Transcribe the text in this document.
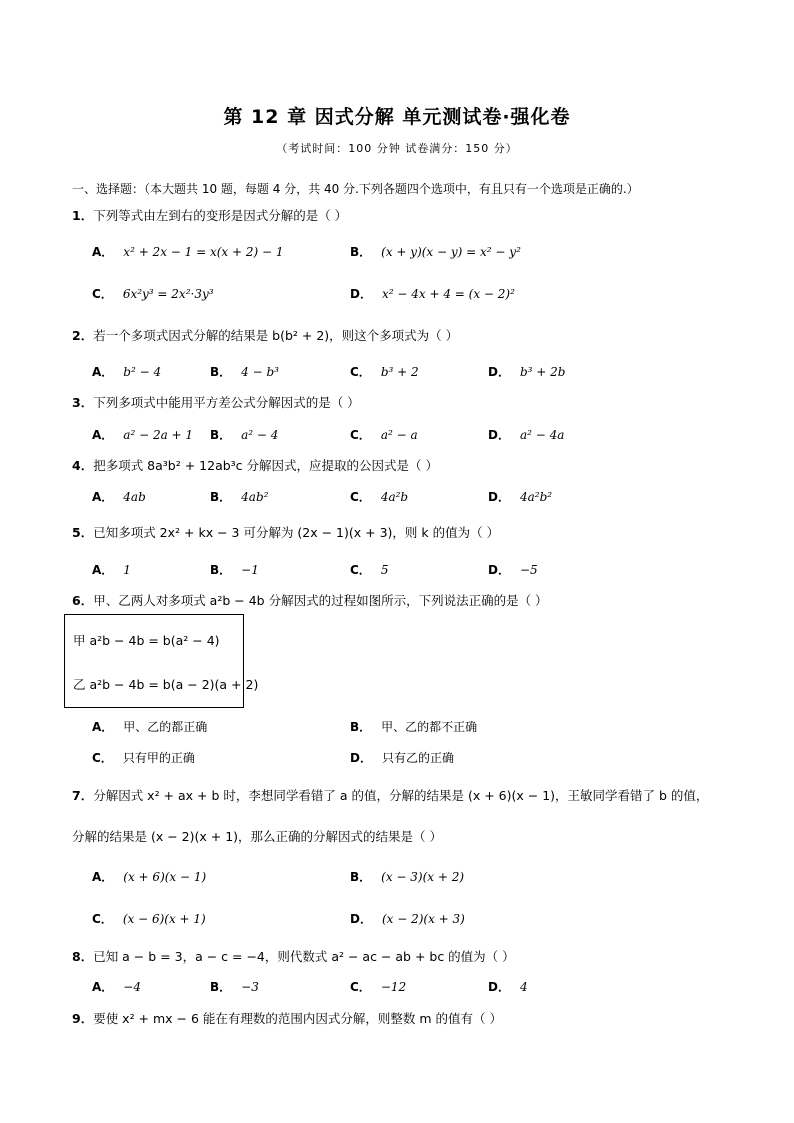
第 12 章 因式分解 单元测试卷·强化卷
（考试时间：100 分钟 试卷满分：150 分）
一、选择题：（本大题共 10 题，每题 4 分，共 40 分.下列各题四个选项中，有且只有一个选项是正确的.）
1．下列等式由左到右的变形是因式分解的是（ ）
A． x² + 2x − 1 = x(x + 2) − 1	B． (x + y)(x − y) = x² − y²
C． 6x²y³ = 2x²·3y³	D． x² − 4x + 4 = (x − 2)²
2．若一个多项式因式分解的结果是 b(b² + 2)，则这个多项式为（ ）
A． b² − 4	B． 4 − b³	C． b³ + 2	D． b³ + 2b
3．下列多项式中能用平方差公式分解因式的是（ ）
A． a² − 2a + 1 B． a² − 4	C． a² − a	D． a² − 4a
4．把多项式 8a³b² + 12ab³c 分解因式，应提取的公因式是（ ）
A． 4ab	B． 4ab²	C． 4a²b	D． 4a²b²
5．已知多项式 2x² + kx − 3 可分解为 (2x − 1)(x + 3)，则 k 的值为（ ）
A． 1	B． −1	C． 5	D． −5
6．甲、乙两人对多项式 a²b − 4b 分解因式的过程如图所示，下列说法正确的是（ ）
甲 a²b − 4b = b(a² − 4)
乙 a²b − 4b = b(a − 2)(a + 2)
A． 甲、乙的都正确	B． 甲、乙的都不正确
C． 只有甲的正确	D． 只有乙的正确
7．分解因式 x² + ax + b 时，李想同学看错了 a 的值，分解的结果是 (x + 6)(x − 1)，王敏同学看错了 b 的值，
分解的结果是 (x − 2)(x + 1)，那么正确的分解因式的结果是（ ）
A． (x + 6)(x − 1)	B． (x − 3)(x + 2)
C． (x − 6)(x + 1)	D． (x − 2)(x + 3)
8．已知 a − b = 3，a − c = −4，则代数式 a² − ac − ab + bc 的值为（ ）
A． −4	B． −3	C． −12	D． 4
9．要使 x² + mx − 6 能在有理数的范围内因式分解，则整数 m 的值有（ ）
